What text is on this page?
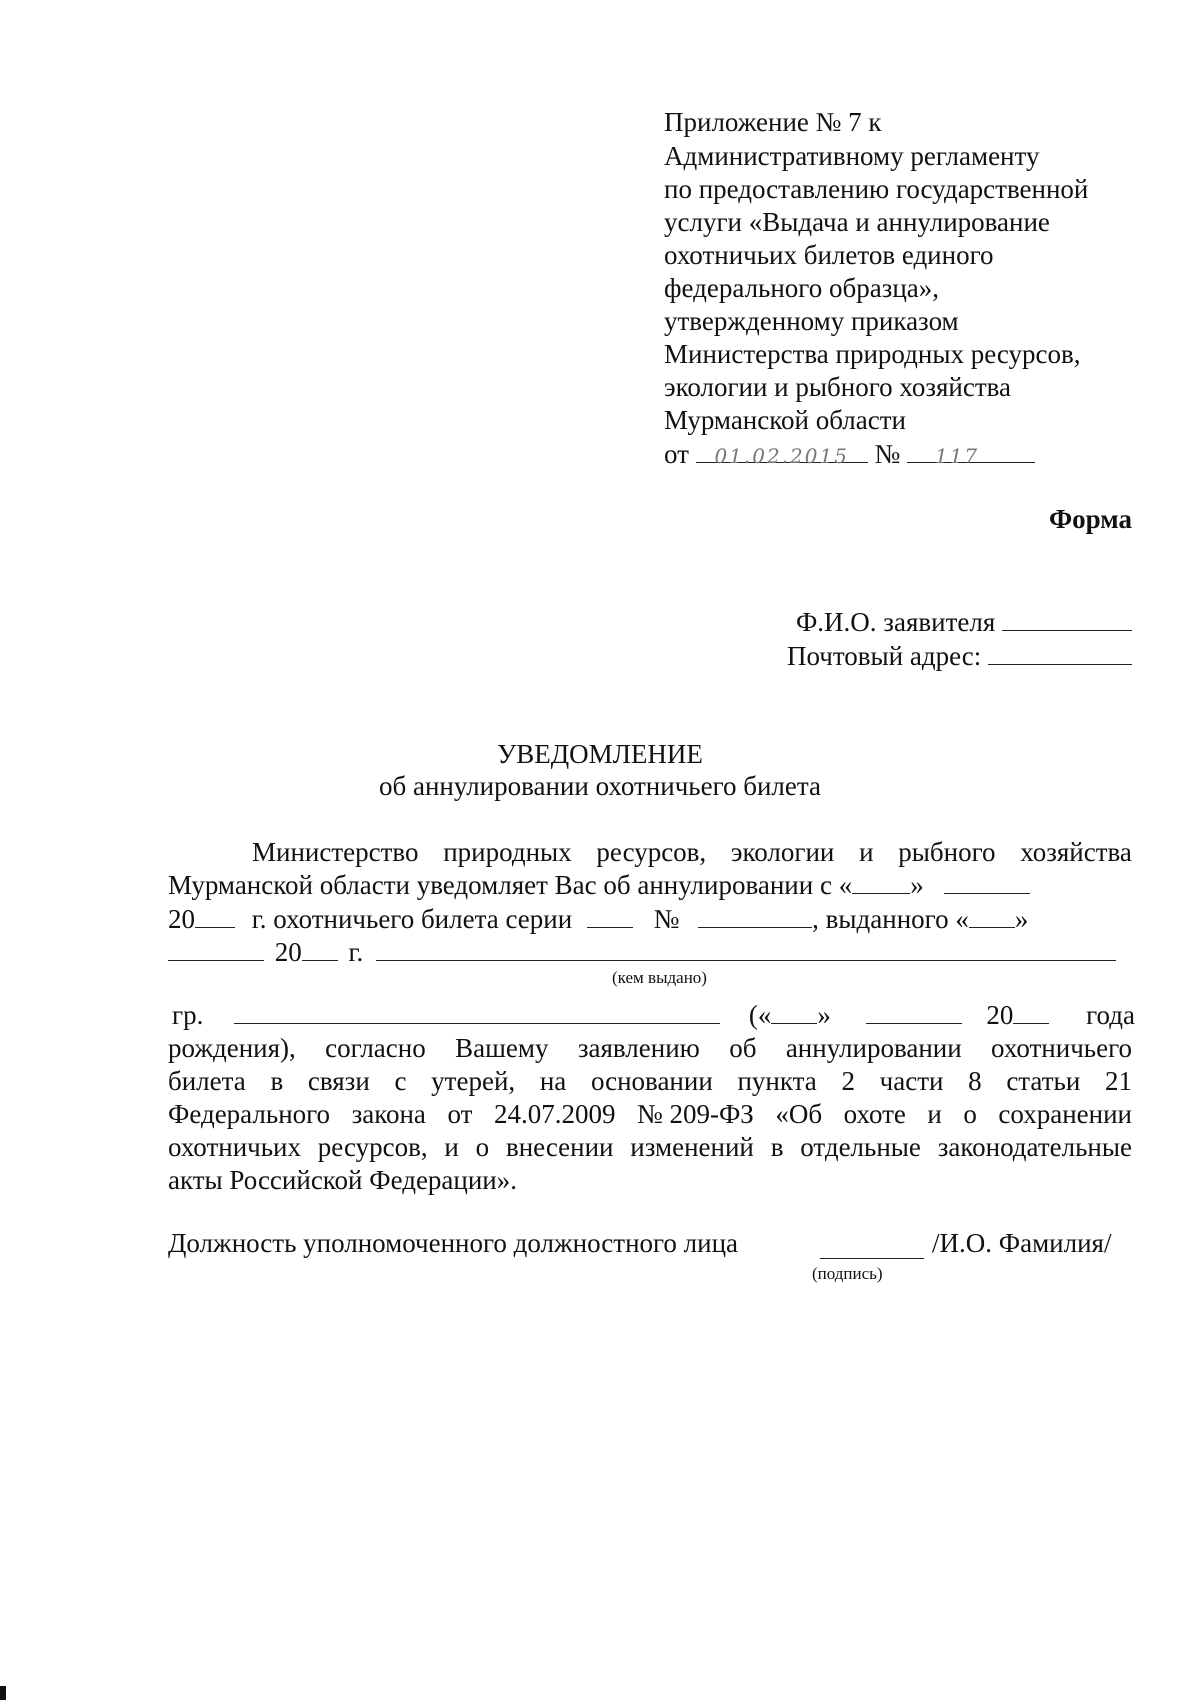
Приложение № 7 к
Административному регламенту
по предоставлению государственной
услуги «Выдача и аннулирование
охотничьих билетов единого
федерального образца»,
утвержденному приказом
Министерства природных ресурсов,
экологии и рыбного хозяйства
Мурманской области
от 01.02.2015 № 117
Форма
Ф.И.О. заявителя
Почтовый адрес:
УВЕДОМЛЕНИЕ
об аннулировании охотничьего билета
Министерство природных ресурсов, экологии и рыбного хозяйства
Мурманской области уведомляет Вас об аннулировании с « »
20 г. охотничьего билета серии	№	, выданного « »
20 г.
(кем выдано)
гр.	(« »	20	года
рождения), согласно Вашему заявлению об аннулировании охотничьего
билета в связи с утерей, на основании пункта 2 части 8 статьи 21
Федерального закона от 24.07.2009 № 209-ФЗ «Об охоте и о сохранении
охотничьих ресурсов, и о внесении изменений в отдельные законодательные
акты Российской Федерации».
Должность уполномоченного должностного лица	/И.О. Фамилия/
(подпись)
